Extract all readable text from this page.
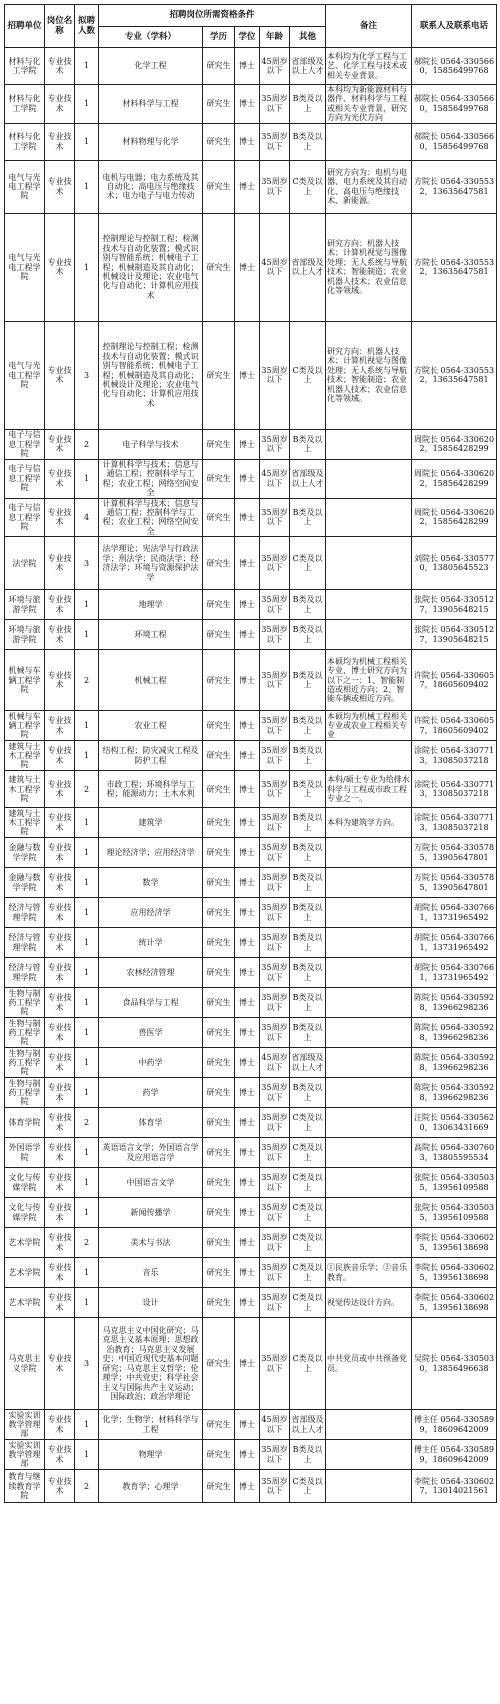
招聘单位	岗位名称	拟聘人数	招聘岗位所需资格条件					备注	联系人及联系电话
			专业（学科）	学历	学位	年龄	其他		
材料与化工学院	专业技术	1	化学工程	研究生	博士	45周岁以下	省部级及以上人才	本科均为化学工程与工艺、化学工程与技术或相关专业背景。	郝院长 0564-3305660，15856499768
材料与化工学院	专业技术	1	材料科学与工程	研究生	博士	35周岁以下	B类及以上	本科均为新能源材料与器件、材料科学与工程或相关专业背景，研究方向为光伏方向	郝院长 0564-3305660，15856499768
材料与化工学院	专业技术	1	材料物理与化学	研究生	博士	35周岁以下	B类及以上		郝院长 0564-3305660，15856499768
电气与光电工程学院	专业技术	1	电机与电器；电力系统及其自动化；高电压与绝缘技术；电力电子与电力传动	研究生	博士	35周岁以下	C类及以上	研究方向为：电机与电器、电力系统及其自动化、高电压与绝缘技术、新能源。	方院长 0564-3305532，13635647581
电气与光电工程学院	专业技术	1	控制理论与控制工程；检测技术与自动化装置；模式识别与智能系统；机械电子工程；机械制造及其自动化；机械设计及理论；农业电气化与自动化；计算机应用技术	研究生	博士	45周岁以下	省部级及以上人才	研究方向：机器人技术；计算机视觉与图像处理；无人系统与导航技术；智能制造；农业机器人技术；农业信息化等领域。	方院长 0564-3305532，13635647581
电气与光电工程学院	专业技术	3	控制理论与控制工程；检测技术与自动化装置；模式识别与智能系统；机械电子工程；机械制造及其自动化；机械设计及理论；农业电气化与自动化；计算机应用技术	研究生	博士	35周岁以下	C类及以上	研究方向：机器人技术；计算机视觉与图像处理；无人系统与导航技术；智能制造；农业机器人技术；农业信息化等领域。	方院长 0564-3305532，13635647581
电子与信息工程学院	专业技术	2	电子科学与技术	研究生	博士	35周岁以下	B类及以上		周院长 0564-3306202，15856428299
电子与信息工程学院	专业技术	1	计算机科学与技术；信息与通信工程；控制科学与工程；农业工程；网络空间安全	研究生	博士	45周岁以下	省部级及以上人才		周院长 0564-3306202，15856428299
电子与信息工程学院	专业技术	4	计算机科学与技术；信息与通信工程；控制科学与工程；农业工程；网络空间安全	研究生	博士	35周岁以下	B类及以上		周院长 0564-3306202，15856428299
法学院	专业技术	3	法学理论；宪法学与行政法学；刑法学；民商法学；经济法学；环境与资源保护法学	研究生	博士	35周岁以下	C类及以上		刘院长 0564-3305770，13805645523
环境与旅游学院	专业技术	1	地理学	研究生	博士	35周岁以下	B类及以上		张院长 0564-3305127，13905648215
环境与旅游学院	专业技术	1	环境工程	研究生	博士	35周岁以下	B类及以上		张院长 0564-3305127，13905648215
机械与车辆工程学院	专业技术	2	机械工程	研究生	博士	35周岁以下	B类及以上	本硕均为机械工程相关专业，博士研究方向为以下之一：1、智能制造或相近方向；2、智能车辆或相近方向。	许院长 0564-3306057，18605609402
机械与车辆工程学院	专业技术	1	农业工程	研究生	博士	35周岁以下	B类及以上	本硕均为机械工程相关专业或农业工程相关专业	许院长 0564-3306057，18605609402
建筑与土木工程学院	专业技术	1	结构工程；防灾减灾工程及防护工程	研究生	博士	35周岁以下	B类及以上		涂院长 0564-3307713，13085037218
建筑与土木工程学院	专业技术	2	市政工程；环境科学与工程；能源动力；土木水利	研究生	博士	35周岁以下	B类及以上	本科/硕士专业为给排水科学与工程或市政工程专业之一。	涂院长 0564-3307713，13085037218
建筑与土木工程学院	专业技术	1	建筑学	研究生	博士	35周岁以下	B类及以上	本科为建筑学方向。	涂院长 0564-3307713，13085037218
金融与数学学院	专业技术	1	理论经济学；应用经济学	研究生	博士	35周岁以下	B类及以上		万院长 0564-3305785，13905647801
金融与数学学院	专业技术	1	数学	研究生	博士	35周岁以下	B类及以上		万院长 0564-3305785，13905647801
经济与管理学院	专业技术	1	应用经济学	研究生	博士	35周岁以下	B类及以上		胡院长 0564-3307661，13731965492
经济与管理学院	专业技术	1	统计学	研究生	博士	35周岁以下	B类及以上		胡院长 0564-3307661，13731965492
经济与管理学院	专业技术	1	农林经济管理	研究生	博士	35周岁以下	B类及以上		胡院长 0564-3307661，13731965492
生物与制药工程学院	专业技术	1	食品科学与工程	研究生	博士	35周岁以下	B类及以上		陈院长 0564-3305928，13966298236
生物与制药工程学院	专业技术	1	兽医学	研究生	博士	35周岁以下	B类及以上		陈院长 0564-3305928，13966298236
生物与制药工程学院	专业技术	1	中药学	研究生	博士	45周岁以下	省部级及以上人才		陈院长 0564-3305928，13966298236
生物与制药工程学院	专业技术	1	药学	研究生	博士	35周岁以下	B类及以上		陈院长 0564-3305928，13966298236
体育学院	专业技术	2	体育学	研究生	博士	35周岁以下	C类及以上		汪院长 0564-3305620，13063431669
外国语学院	专业技术	1	英语语言文学；外国语言学及应用语言学	研究生	博士	35周岁以下	C类及以上		高院长 0564-3307603，13805595534
文化与传媒学院	专业技术	1	中国语言文学	研究生	博士	35周岁以下	C类及以上		张院长 0564-3305035，13956109588
文化与传媒学院	专业技术	1	新闻传播学	研究生	博士	35周岁以下	C类及以上		张院长 0564-3305035，13956109588
艺术学院	专业技术	2	美术与书法	研究生	博士	35周岁以下	C类及以上		李院长 0564-3306025，13956138698
艺术学院	专业技术	1	音乐	研究生	博士	35周岁以下	C类及以上	①民族音乐学；②音乐教育。	李院长 0564-3306025，13956138698
艺术学院	专业技术	1	设计	研究生	博士	35周岁以下	C类及以上	视觉传达设计方向。	李院长 0564-3306025，13956138698
马克思主义学院	专业技术	3	马克思主义中国化研究；马克思主义基本原理；思想政治教育；马克思主义发展史；中国近现代史基本问题研究；马克思主义哲学；伦理学；中共党史；科学社会主义与国际共产主义运动；国际政治；政治学理论	研究生	博士	35周岁以下	C类及以上	中共党员或中共预备党员。	吴院长 0564-3305030，13856496638
实验实训教学管理部	专业技术	1	化学；生物学；材料科学与工程	研究生	博士	45周岁以下	省部级及以上人才		傅主任 0564-3305899，18609642009
实验实训教学管理部	专业技术	1	物理学	研究生	博士	35周岁以下	B类及以上		傅主任 0564-3305899，18609642009
教育与继续教育学院	专业技术	2	教育学；心理学	研究生	博士	35周岁以下	C类及以上		李院长 0564-3306027，13014021561
